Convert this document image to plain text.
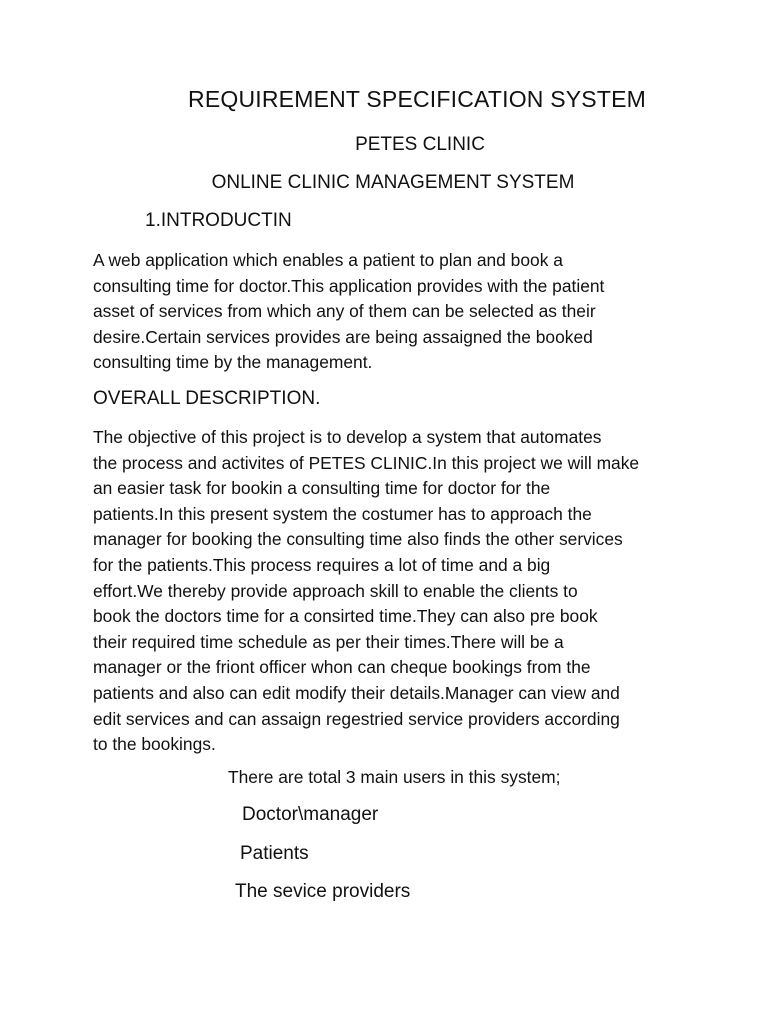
REQUIREMENT SPECIFICATION SYSTEM
PETES CLINIC
ONLINE CLINIC MANAGEMENT SYSTEM
1.INTRODUCTIN
A web application which enables a patient to plan and book a
consulting time for doctor.This application provides with the patient
asset of services from which any of them can be selected as their
desire.Certain services provides are being assaigned the booked
consulting time by the management.
OVERALL DESCRIPTION.
The objective of this project is to develop a system that automates
the process and activites of PETES CLINIC.In this project we will make
an easier task for bookin a consulting time for doctor for the
patients.In this present system the costumer has to approach the
manager for booking the consulting time also finds the other services
for the patients.This process requires a lot of time and a big
effort.We thereby provide approach skill to enable the clients to
book the doctors time for a consirted time.They can also pre book
their required time schedule as per their times.There will be a
manager or the friont officer whon can cheque bookings from the
patients and also can edit modify their details.Manager can view and
edit services and can assaign regestried service providers according
to the bookings.

There are total 3 main users in this system;

Doctor\manager

Patients

The sevice providers
